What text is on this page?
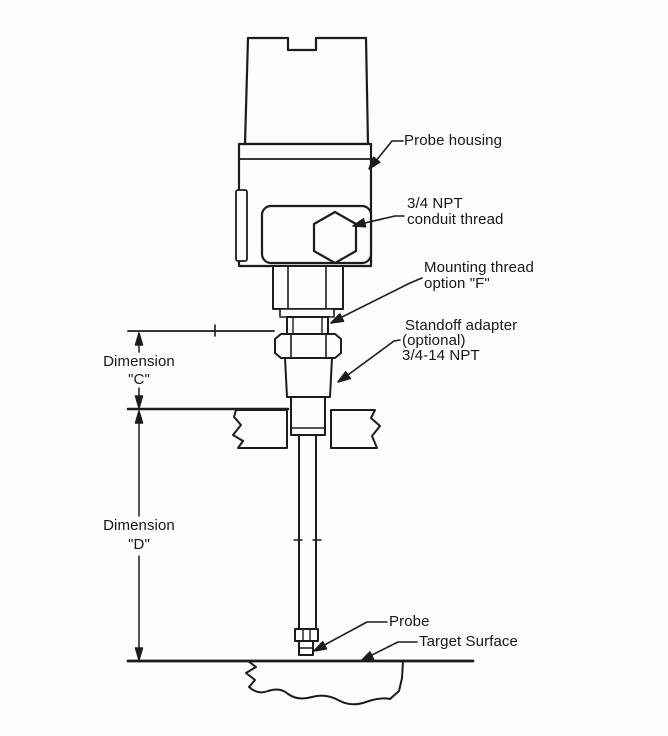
Probe housing
3/4 NPT
conduit thread
Mounting thread
option "F"
Standoff adapter
(optional)
3/4-14 NPT
Dimension
"C"
Dimension
"D"
Probe
Target Surface
